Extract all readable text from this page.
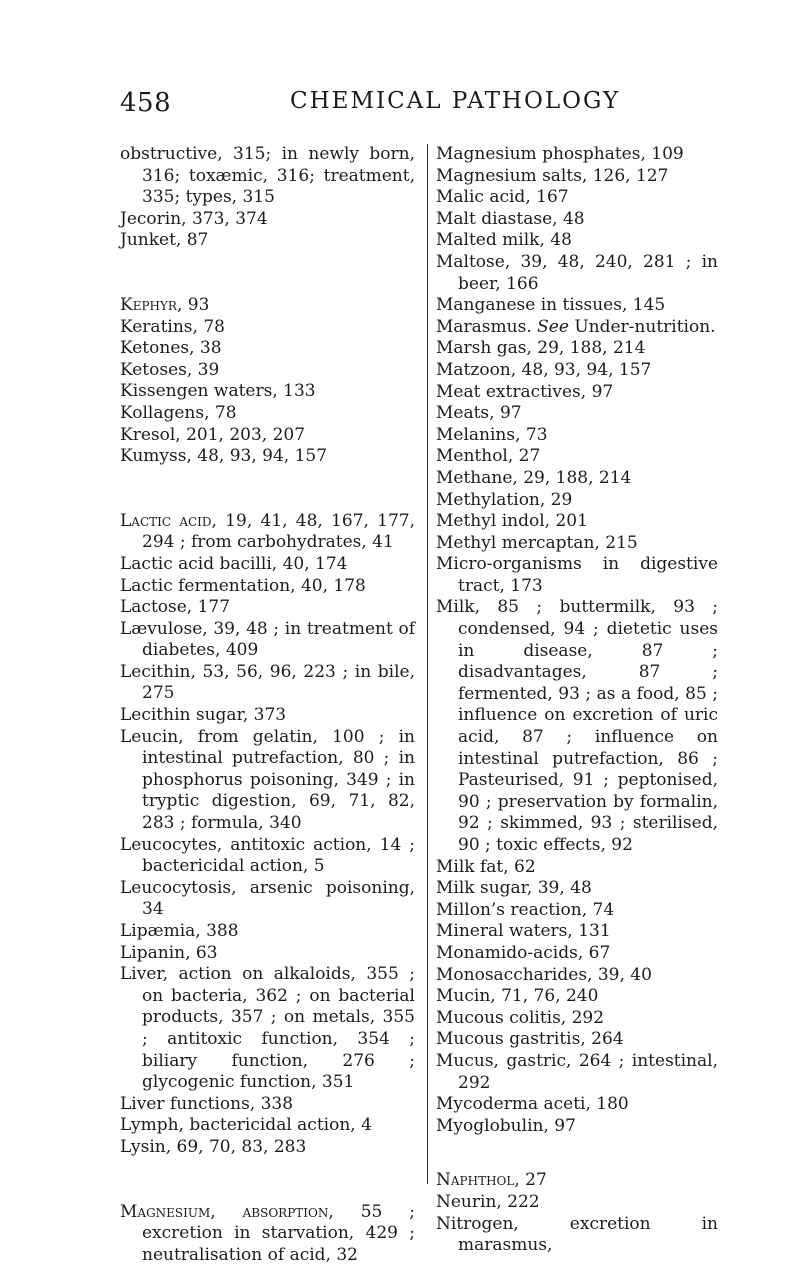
458	CHEMICAL PATHOLOGY
obstructive, 315; in newly born, 316; toxæmic, 316; treatment, 335; types, 315
Jecorin, 373, 374
Junket, 87
Kephyr, 93
Keratins, 78
Ketones, 38
Ketoses, 39
Kissengen waters, 133
Kollagens, 78
Kresol, 201, 203, 207
Kumyss, 48, 93, 94, 157
Lactic acid, 19, 41, 48, 167, 177, 294 ; from carbohydrates, 41
Lactic acid bacilli, 40, 174
Lactic fermentation, 40, 178
Lactose, 177
Lævulose, 39, 48 ; in treatment of diabetes, 409
Lecithin, 53, 56, 96, 223 ; in bile, 275
Lecithin sugar, 373
Leucin, from gelatin, 100 ; in intestinal putrefaction, 80 ; in phosphorus poisoning, 349 ; in tryptic digestion, 69, 71, 82, 283 ; formula, 340
Leucocytes, antitoxic action, 14 ; bactericidal action, 5
Leucocytosis, arsenic poisoning, 34
Lipæmia, 388
Lipanin, 63
Liver, action on alkaloids, 355 ; on bacteria, 362 ; on bacterial products, 357 ; on metals, 355 ; antitoxic function, 354 ; biliary function, 276 ; glycogenic function, 351
Liver functions, 338
Lymph, bactericidal action, 4
Lysin, 69, 70, 83, 283
Magnesium, absorption, 55 ; excretion in starvation, 429 ; neutralisation of acid, 32
Magnesium phosphates, 109
Magnesium salts, 126, 127
Malic acid, 167
Malt diastase, 48
Malted milk, 48
Maltose, 39, 48, 240, 281 ; in beer, 166
Manganese in tissues, 145
Marasmus. See Under-nutrition.
Marsh gas, 29, 188, 214
Matzoon, 48, 93, 94, 157
Meat extractives, 97
Meats, 97
Melanins, 73
Menthol, 27
Methane, 29, 188, 214
Methylation, 29
Methyl indol, 201
Methyl mercaptan, 215
Micro-organisms in digestive tract, 173
Milk, 85 ; buttermilk, 93 ; condensed, 94 ; dietetic uses in disease, 87 ; disadvantages, 87 ; fermented, 93 ; as a food, 85 ; influence on excretion of uric acid, 87 ; influence on intestinal putrefaction, 86 ; Pasteurised, 91 ; peptonised, 90 ; preservation by formalin, 92 ; skimmed, 93 ; sterilised, 90 ; toxic effects, 92
Milk fat, 62
Milk sugar, 39, 48
Millon’s reaction, 74
Mineral waters, 131
Monamido-acids, 67
Monosaccharides, 39, 40
Mucin, 71, 76, 240
Mucous colitis, 292
Mucous gastritis, 264
Mucus, gastric, 264 ; intestinal, 292
Mycoderma aceti, 180
Myoglobulin, 97
Naphthol, 27
Neurin, 222
Nitrogen, excretion in marasmus,
